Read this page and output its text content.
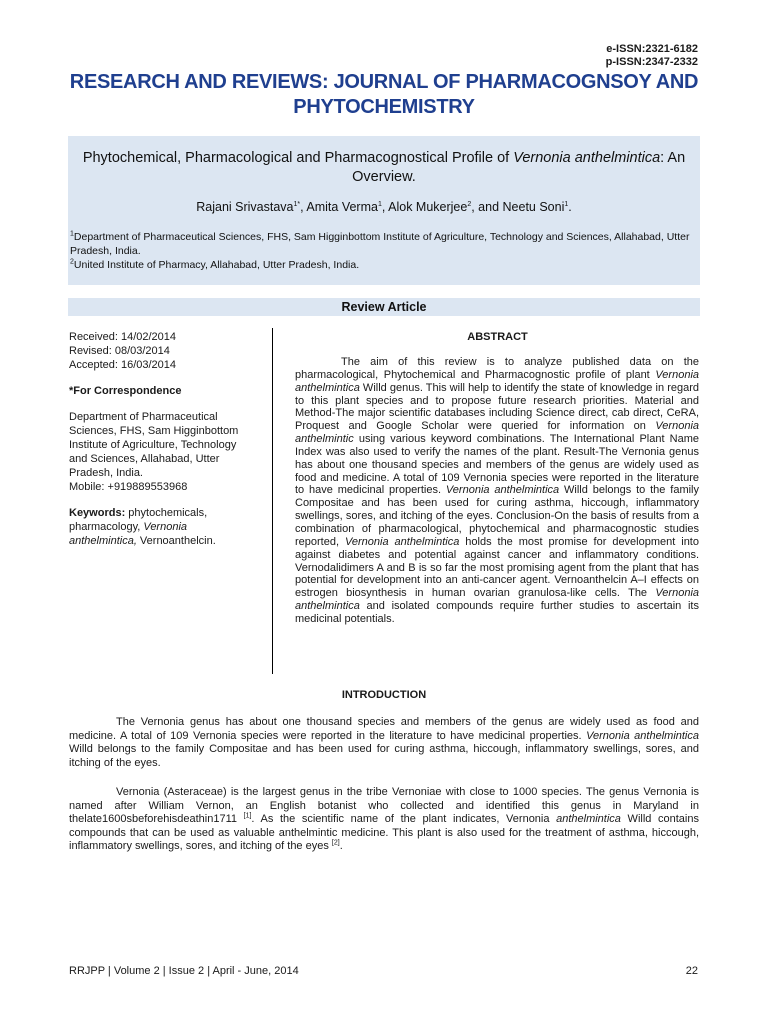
e-ISSN:2321-6182
p-ISSN:2347-2332
RESEARCH AND REVIEWS: JOURNAL OF PHARMACOGNSOY AND PHYTOCHEMISTRY
Phytochemical, Pharmacological and Pharmacognostical Profile of Vernonia anthelmintica: An Overview.
Rajani Srivastava$^{1*}$, Amita Verma$^1$, Alok Mukerjee$^2$, and Neetu Soni$^1$.
$^1$Department of Pharmaceutical Sciences, FHS, Sam Higginbottom Institute of Agriculture, Technology and Sciences, Allahabad, Utter Pradesh, India.
$^2$United Institute of Pharmacy, Allahabad, Utter Pradesh, India.
Review Article

Received: 14/02/2014

Revised: 08/03/2014

Accepted: 16/03/2014

*For Correspondence

Department of Pharmaceutical Sciences, FHS, Sam Higginbottom Institute of Agriculture, Technology and Sciences, Allahabad, Utter Pradesh, India.

Mobile: +919889553968

Keywords: phytochemicals, pharmacology, Vernonia anthelmintica, Vernoanthelcin.

ABSTRACT
The aim of this review is to analyze published data on the pharmacological, Phytochemical and Pharmacognostic profile of plant Vernonia anthelmintica Willd genus. This will help to identify the state of knowledge in regard to this plant species and to propose future research priorities. Material and Method-The major scientific databases including Science direct, cab direct, CeRA, Proquest and Google Scholar were queried for information on Vernonia anthelmintic using various keyword combinations. The International Plant Name Index was also used to verify the names of the plant. Result-The Vernonia genus has about one thousand species and members of the genus are widely used as food and medicine. A total of 109 Vernonia species were reported in the literature to have medicinal properties. Vernonia anthelmintica Willd belongs to the family Compositae and has been used for curing asthma, hiccough, inflammatory swellings, sores, and itching of the eyes. Conclusion-On the basis of results from a combination of pharmacological, phytochemical and pharmacognostic studies reported, Vernonia anthelmintica holds the most promise for development into against diabetes and potential against cancer and inflammatory conditions. Vernodalidimers A and B is so far the most promising agent from the plant that has potential for development into an anti-cancer agent. Vernoanthelcin A–I effects on estrogen biosynthesis in human ovarian granulosa-like cells. The Vernonia anthelmintica and isolated compounds require further studies to ascertain its medicinal potentials.
INTRODUCTION

The Vernonia genus has about one thousand species and members of the genus are widely used as food and medicine. A total of 109 Vernonia species were reported in the literature to have medicinal properties. Vernonia anthelmintica Willd belongs to the family Compositae and has been used for curing asthma, hiccough, inflammatory swellings, sores, and itching of the eyes.

Vernonia (Asteraceae) is the largest genus in the tribe Vernoniae with close to 1000 species. The genus Vernonia is named after William Vernon, an English botanist who collected and identified this genus in Maryland in thelate1600sbeforehisdeathin1711 [1]. As the scientific name of the plant indicates, Vernonia anthelmintica Willd contains compounds that can be used as valuable anthelmintic medicine. This plant is also used for the treatment of asthma, hiccough, inflammatory swellings, sores, and itching of the eyes [2].

RRJPP | Volume 2 | Issue 2 | April - June, 2014	22
